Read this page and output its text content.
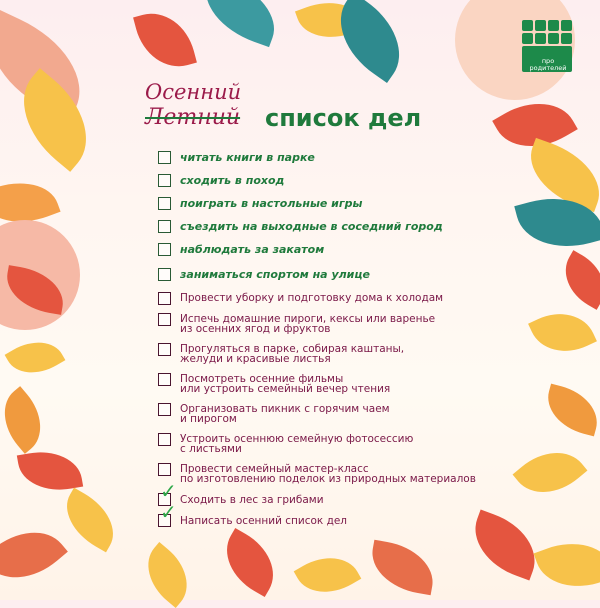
про
родителей
Осенний
Летний список дел
читать книги в парке
сходить в поход
поиграть в настольные игры
съездить на выходные в соседний город
наблюдать за закатом
заниматься спортом на улице
Провести уборку и подготовку дома к холодам
Испечь домашние пироги, кексы или варенье
из осенних ягод и фруктов
Прогуляться в парке, собирая каштаны,
желуди и красивые листья
Посмотреть осенние фильмы
или устроить семейный вечер чтения
Организовать пикник с горячим чаем
и пирогом
Устроить осеннюю семейную фотосессию
с листьями
Провести семейный мастер-класс
по изготовлению поделок из природных материалов
✓ Сходить в лес за грибами
✓ Написать осенний список дел
